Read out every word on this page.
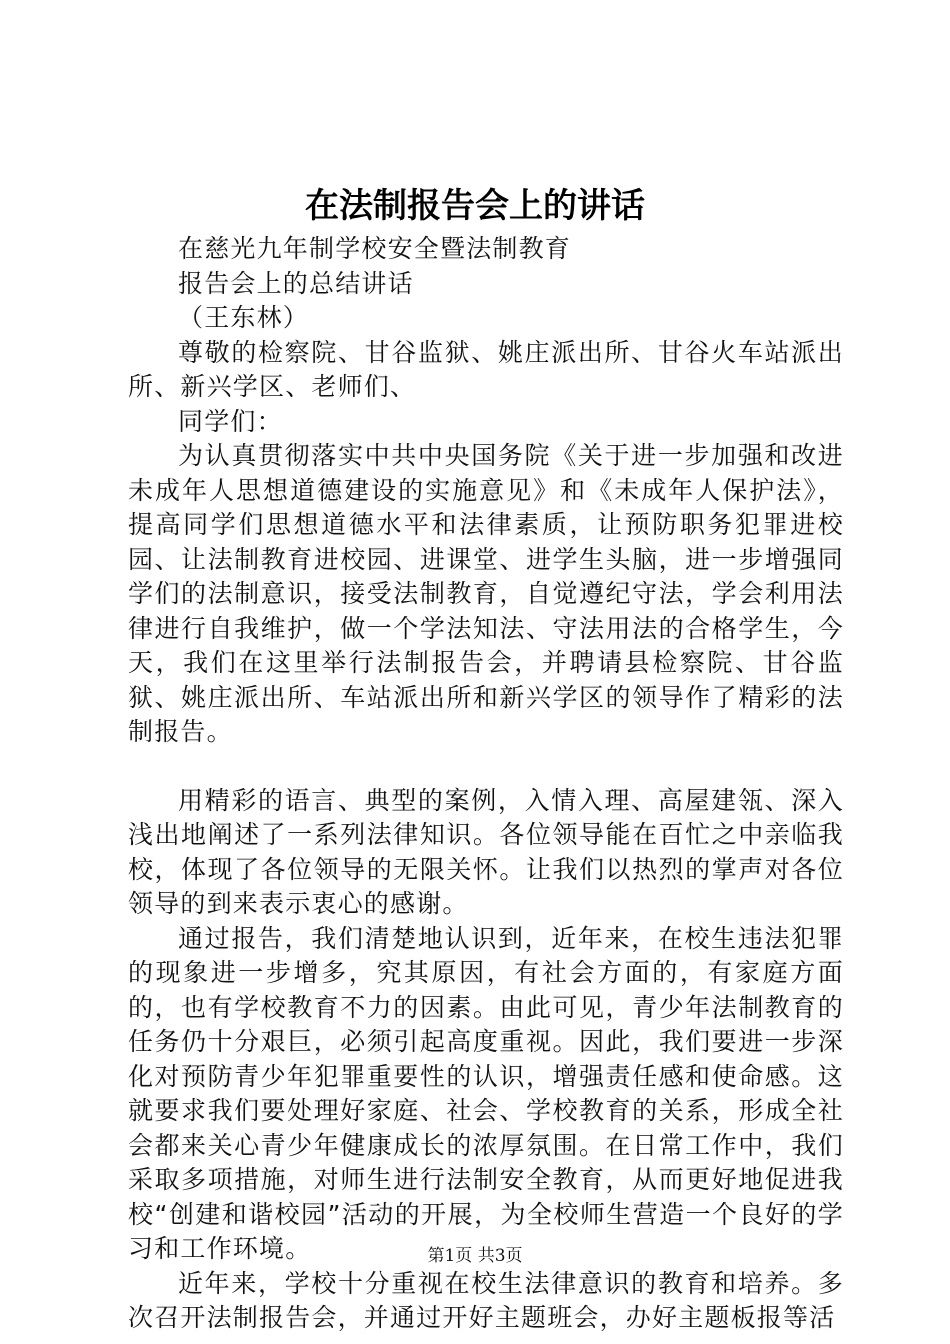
在法制报告会上的讲话

在慈光九年制学校安全暨法制教育

报告会上的总结讲话

（王东林）

尊敬的检察院、甘谷监狱、姚庄派出所、甘谷火车站派出所、新兴学区、老师们、

同学们：

为认真贯彻落实中共中央国务院《关于进一步加强和改进未成年人思想道德建设的实施意见》和《未成年人保护法》，提高同学们思想道德水平和法律素质，让预防职务犯罪进校园、让法制教育进校园、进课堂、进学生头脑，进一步增强同学们的法制意识，接受法制教育，自觉遵纪守法，学会利用法律进行自我维护，做一个学法知法、守法用法的合格学生，今天，我们在这里举行法制报告会，并聘请县检察院、甘谷监狱、姚庄派出所、车站派出所和新兴学区的领导作了精彩的法制报告。

用精彩的语言、典型的案例，入情入理、高屋建瓴、深入浅出地阐述了一系列法律知识。各位领导能在百忙之中亲临我校，体现了各位领导的无限关怀。让我们以热烈的掌声对各位领导的到来表示衷心的感谢。

通过报告，我们清楚地认识到，近年来，在校生违法犯罪的现象进一步增多，究其原因，有社会方面的，有家庭方面的，也有学校教育不力的因素。由此可见，青少年法制教育的任务仍十分艰巨，必须引起高度重视。因此，我们要进一步深化对预防青少年犯罪重要性的认识，增强责任感和使命感。这就要求我们要处理好家庭、社会、学校教育的关系，形成全社会都来关心青少年健康成长的浓厚氛围。在日常工作中，我们采取多项措施，对师生进行法制安全教育，从而更好地促进我校“创建和谐校园”活动的开展，为全校师生营造一个良好的学习和工作环境。

近年来，学校十分重视在校生法律意识的教育和培养。多次召开法制报告会，并通过开好主题班会，办好主题板报等活

第1页 共3页
